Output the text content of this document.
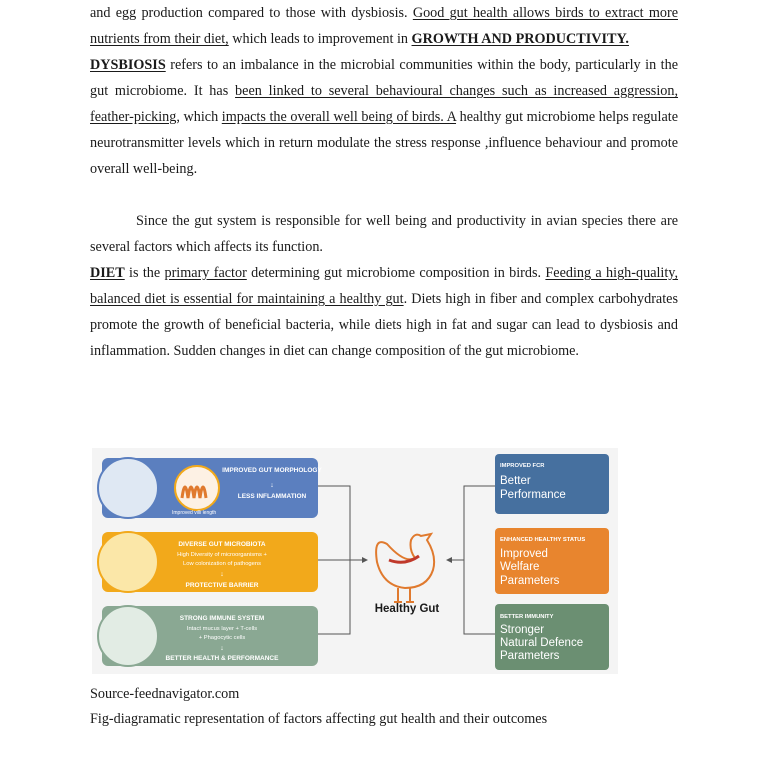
and egg production compared to those with dysbiosis. Good gut health allows birds to extract more nutrients from their diet, which leads to improvement in GROWTH AND PRODUCTIVITY.

DYSBIOSIS refers to an imbalance in the microbial communities within the body, particularly in the gut microbiome. It has been linked to several behavioural changes such as increased aggression, feather-picking, which impacts the overall well being of birds. A healthy gut microbiome helps regulate neurotransmitter levels which in return modulate the stress response ,influence behaviour and promote overall well-being.

Since the gut system is responsible for well being and productivity in avian species there are several factors which affects its function.

DIET is the primary factor determining gut microbiome composition in birds. Feeding a high-quality, balanced diet is essential for maintaining a healthy gut. Diets high in fiber and complex carbohydrates promote the growth of beneficial bacteria, while diets high in fat and sugar can lead to dysbiosis and inflammation. Sudden changes in diet can change composition of the gut microbiome.

IMPROVED GUT MORPHOLOGY
↓
LESS INFLAMMATION
Improved villi length
DIVERSE GUT MICROBIOTA
High Diversity of microorganisms +
Low colonization of pathogens
↓
PROTECTIVE BARRIER
STRONG IMMUNE SYSTEM
Intact mucus layer + T-cells
+ Phagocytic cells
↓
BETTER HEALTH & PERFORMANCE
Healthy Gut
IMPROVED FCR
Better
Performance
ENHANCED HEALTHY STATUS
Improved
Welfare
Parameters
BETTER IMMUNITY
Stronger
Natural Defence
Parameters

Source-feednavigator.com

Fig-diagramatic representation of factors affecting gut health and their outcomes
